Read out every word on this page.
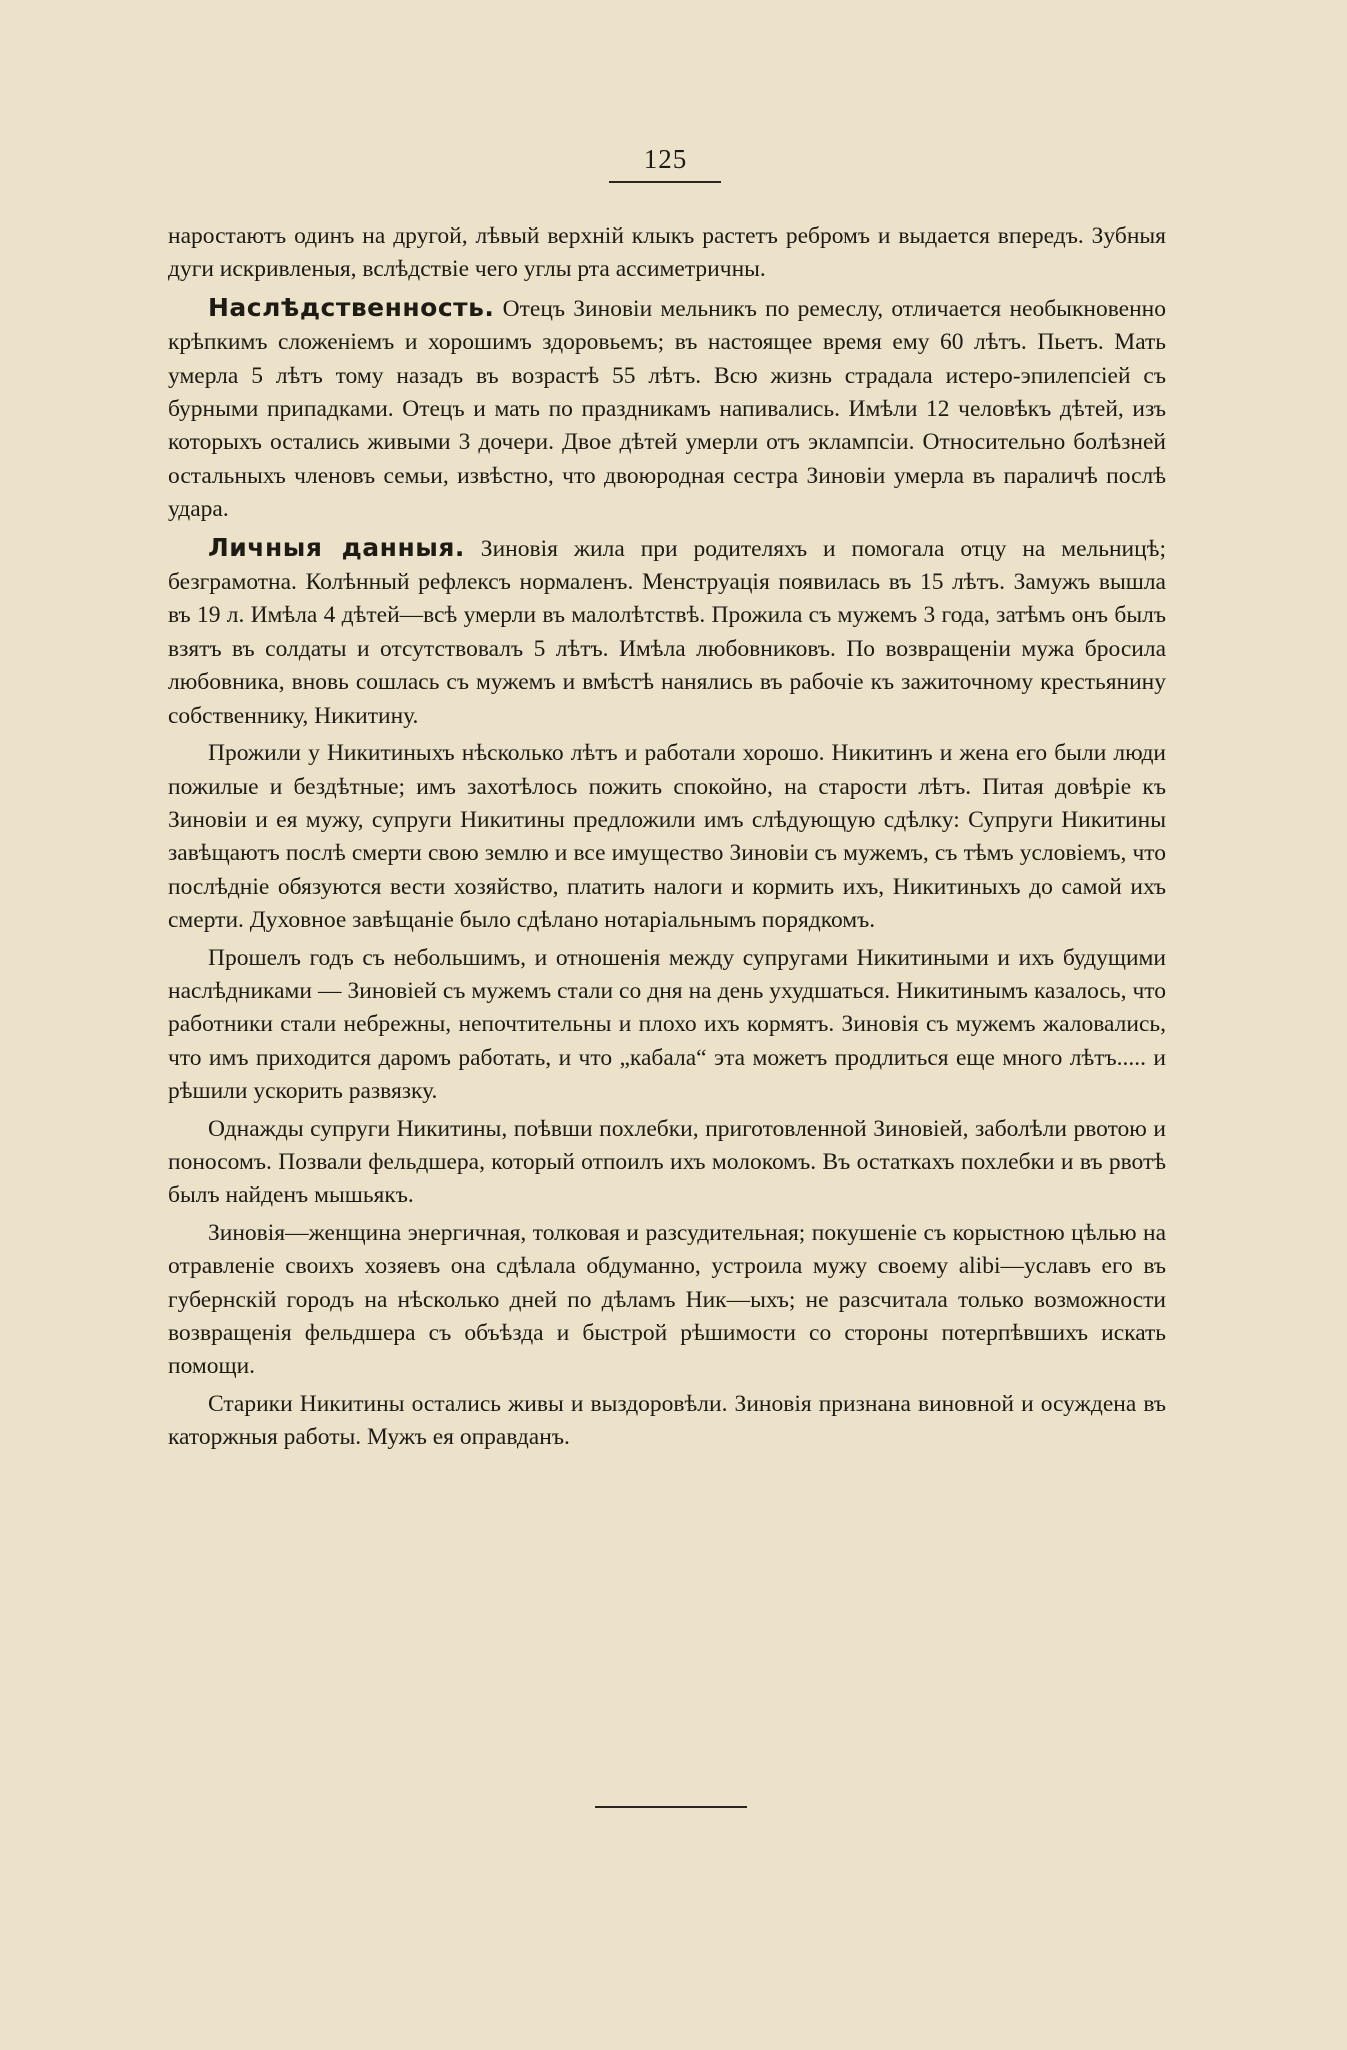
125

наростаютъ одинъ на другой, лѣвый верхній клыкъ растетъ ребромъ и выдается впередъ. Зубныя дуги искривленыя, вслѣдствіе чего углы рта ассиметричны.

Наслѣдственность. Отецъ Зиновіи мельникъ по ремеслу, отличается необыкновенно крѣпкимъ сложеніемъ и хорошимъ здоровьемъ; въ настоящее время ему 60 лѣтъ. Пьетъ. Мать умерла 5 лѣтъ тому назадъ въ возрастѣ 55 лѣтъ. Всю жизнь страдала истеро-эпилепсіей съ бурными припадками. Отецъ и мать по праздникамъ напивались. Имѣли 12 человѣкъ дѣтей, изъ которыхъ остались живыми 3 дочери. Двое дѣтей умерли отъ эклампсіи. Относительно болѣзней остальныхъ членовъ семьи, извѣстно, что двоюродная сестра Зиновіи умерла въ параличѣ послѣ удара.

Личныя данныя. Зиновія жила при родителяхъ и помогала отцу на мельницѣ; безграмотна. Колѣнный рефлексъ нормаленъ. Менструація появилась въ 15 лѣтъ. Замужъ вышла въ 19 л. Имѣла 4 дѣтей—всѣ умерли въ малолѣтствѣ. Прожила съ мужемъ 3 года, затѣмъ онъ былъ взятъ въ солдаты и отсутствовалъ 5 лѣтъ. Имѣла любовниковъ. По возвращеніи мужа бросила любовника, вновь сошлась съ мужемъ и вмѣстѣ нанялись въ рабочіе къ зажиточному крестьянину собственнику, Никитину.

Прожили у Никитиныхъ нѣсколько лѣтъ и работали хорошо. Никитинъ и жена его были люди пожилые и бездѣтные; имъ захотѣлось пожить спокойно, на старости лѣтъ. Питая довѣріе къ Зиновіи и ея мужу, супруги Никитины предложили имъ слѣдующую сдѣлку: Супруги Никитины завѣщаютъ послѣ смерти свою землю и все имущество Зиновіи съ мужемъ, съ тѣмъ условіемъ, что послѣдніе обязуются вести хозяйство, платить налоги и кормить ихъ, Никитиныхъ до самой ихъ смерти. Духовное завѣщаніе было сдѣлано нотаріальнымъ порядкомъ.

Прошелъ годъ съ небольшимъ, и отношенія между супругами Никитиными и ихъ будущими наслѣдниками — Зиновіей съ мужемъ стали со дня на день ухудшаться. Никитинымъ казалось, что работники стали небрежны, непочтительны и плохо ихъ кормятъ. Зиновія съ мужемъ жаловались, что имъ приходится даромъ работать, и что „кабала“ эта можетъ продлиться еще много лѣтъ..... и рѣшили ускорить развязку.

Однажды супруги Никитины, поѣвши похлебки, приготовленной Зиновіей, заболѣли рвотою и поносомъ. Позвали фельдшера, который отпоилъ ихъ молокомъ. Въ остаткахъ похлебки и въ рвотѣ былъ найденъ мышьякъ.

Зиновія—женщина энергичная, толковая и разсудительная; покушеніе съ корыстною цѣлью на отравленіе своихъ хозяевъ она сдѣлала обдуманно, устроила мужу своему alibi—уславъ его въ губернскій городъ на нѣсколько дней по дѣламъ Ник—ыхъ; не разсчитала только возможности возвращенія фельдшера съ объѣзда и быстрой рѣшимости со стороны потерпѣвшихъ искать помощи.

Старики Никитины остались живы и выздоровѣли. Зиновія признана виновной и осуждена въ каторжныя работы. Мужъ ея оправданъ.
